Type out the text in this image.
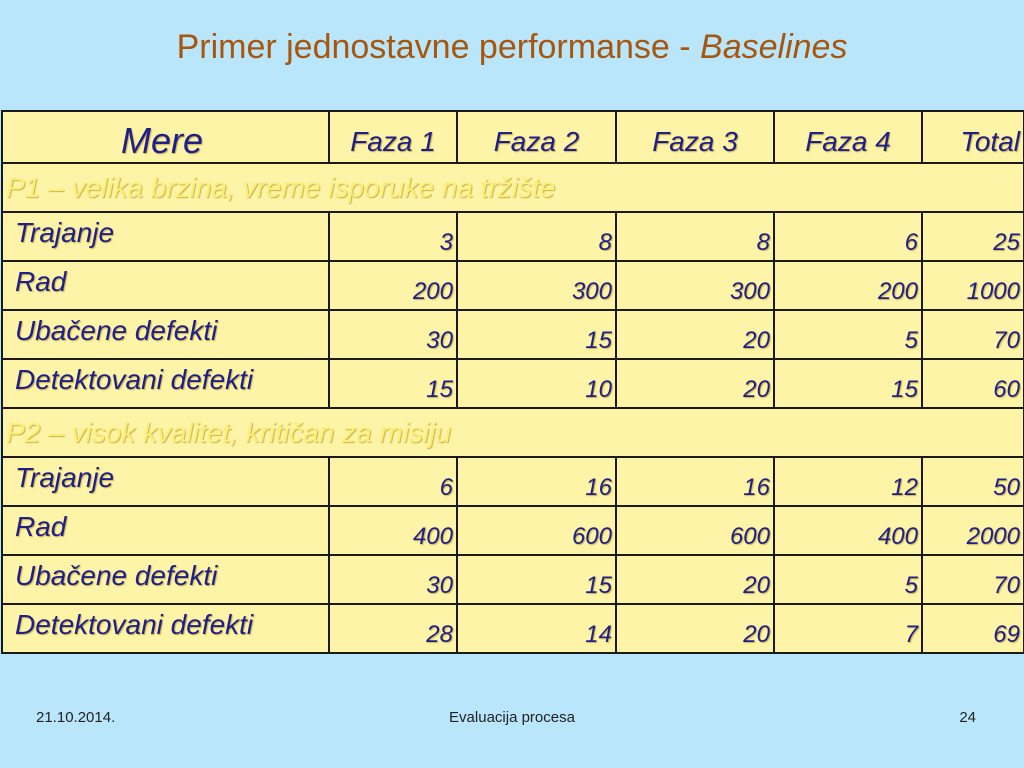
Primer jednostavne performanse - Baselines
Mere	Faza 1	Faza 2	Faza 3	Faza 4	Total
P1 – velika brzina, vreme isporuke na tržište					
Trajanje	3	8	8	6	25
Rad	200	300	300	200	1000
Ubačene defekti	30	15	20	5	70
Detektovani defekti	15	10	20	15	60
P2 – visok kvalitet, kritičan za misiju					
Trajanje	6	16	16	12	50
Rad	400	600	600	400	2000
Ubačene defekti	30	15	20	5	70
Detektovani defekti	28	14	20	7	69
21.10.2014.	Evaluacija procesa	24
